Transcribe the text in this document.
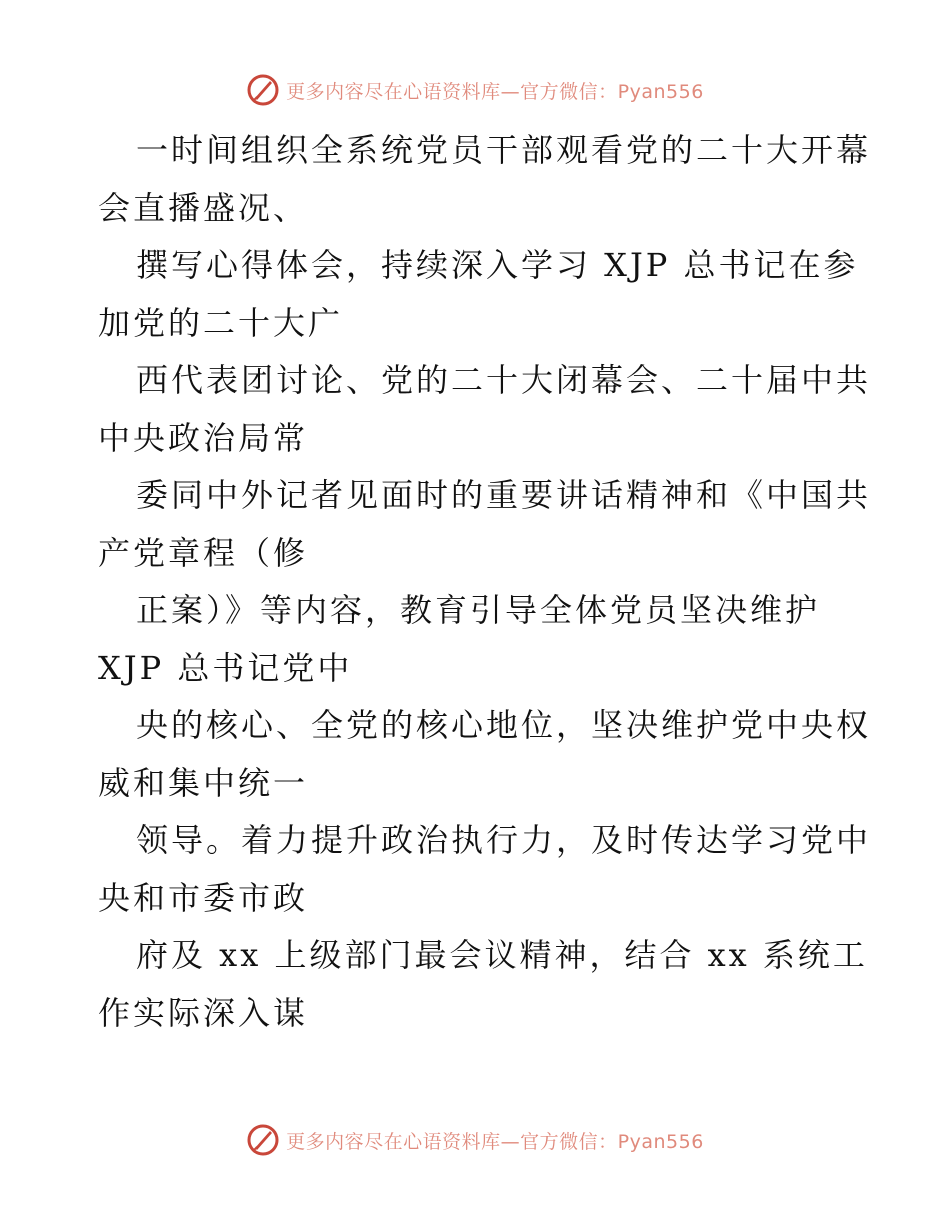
更多内容尽在心语资料库—官方微信：Pyan556
一时间组织全系统党员干部观看党的二十大开幕
会直播盛况、
撰写心得体会，持续深入学习 XJP 总书记在参
加党的二十大广
西代表团讨论、党的二十大闭幕会、二十届中共
中央政治局常
委同中外记者见面时的重要讲话精神和《中国共
产党章程（修
正案）》等内容，教育引导全体党员坚决维护
XJP 总书记党中
央的核心、全党的核心地位，坚决维护党中央权
威和集中统一
领导。着力提升政治执行力，及时传达学习党中
央和市委市政
府及 xx 上级部门最会议精神，结合 xx 系统工
作实际深入谋
更多内容尽在心语资料库—官方微信：Pyan556
